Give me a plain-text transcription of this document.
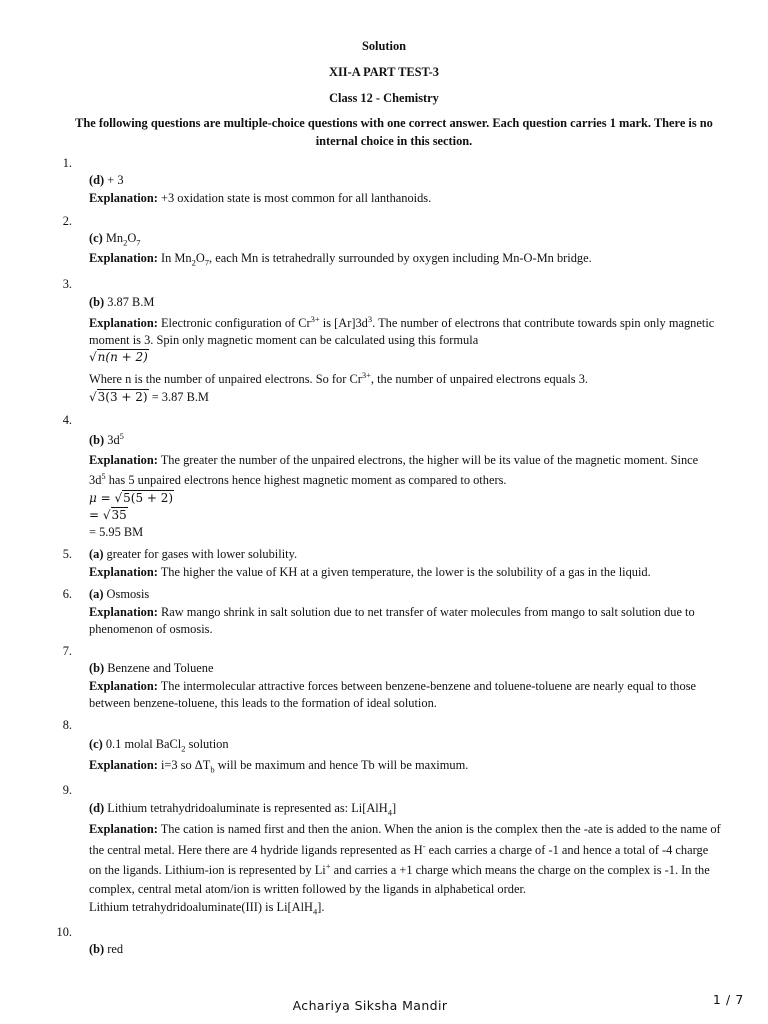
Solution
XII-A PART TEST-3
Class 12 - Chemistry
The following questions are multiple-choice questions with one correct answer. Each question carries 1 mark. There is no internal choice in this section.
1.
(d) + 3
Explanation: +3 oxidation state is most common for all lanthanoids.
2.
(c) $Mn_2O_7$
Explanation: In $Mn_2O_7$, each Mn is tetrahedrally surrounded by oxygen including Mn-O-Mn bridge.
3.
(b) 3.87 B.M
Explanation: Electronic configuration of $Cr^{3+}$ is $[Ar]3d^3$. The number of electrons that contribute towards spin only magnetic
moment is 3. Spin only magnetic moment can be calculated using this formula
√n(n + 2)
Where n is the number of unpaired electrons. So for $Cr^{3+}$, the number of unpaired electrons equals 3.
√3(3 + 2) = 3.87 B.M
4.
(b) $3d^5$
Explanation: The greater the number of the unpaired electrons, the higher will be its value of the magnetic moment. Since
$3d^5$ has 5 unpaired electrons hence highest magnetic moment as compared to others.
μ = √5(5 + 2)
= √35
= 5.95 BM
5. (a) greater for gases with lower solubility.
Explanation: The higher the value of KH at a given temperature, the lower is the solubility of a gas in the liquid.
6. (a) Osmosis
Explanation: Raw mango shrink in salt solution due to net transfer of water molecules from mango to salt solution due to
phenomenon of osmosis.
7.
(b) Benzene and Toluene
Explanation: The intermolecular attractive forces between benzene-benzene and toluene-toluene are nearly equal to those
between benzene-toluene, this leads to the formation of ideal solution.
8.
(c) 0.1 molal BaCl$_2$ solution
Explanation: i=3 so $\Delta T_b$ will be maximum and hence Tb will be maximum.
9.
(d) Lithium tetrahydridoaluminate is represented as: Li[AlH$_4$]
Explanation: The cation is named first and then the anion. When the anion is the complex then the -ate is added to the name of
the central metal. Here there are 4 hydride ligands represented as H- each carries a charge of -1 and hence a total of -4 charge
on the ligands. Lithium-ion is represented by Li+ and carries a +1 charge which means the charge on the complex is -1. In the
complex, central metal atom/ion is written followed by the ligands in alphabetical order.
Lithium tetrahydridoaluminate(III) is Li[AlH$_4$].
10.
(b) red
Achariya Siksha Mandir	1 / 7
